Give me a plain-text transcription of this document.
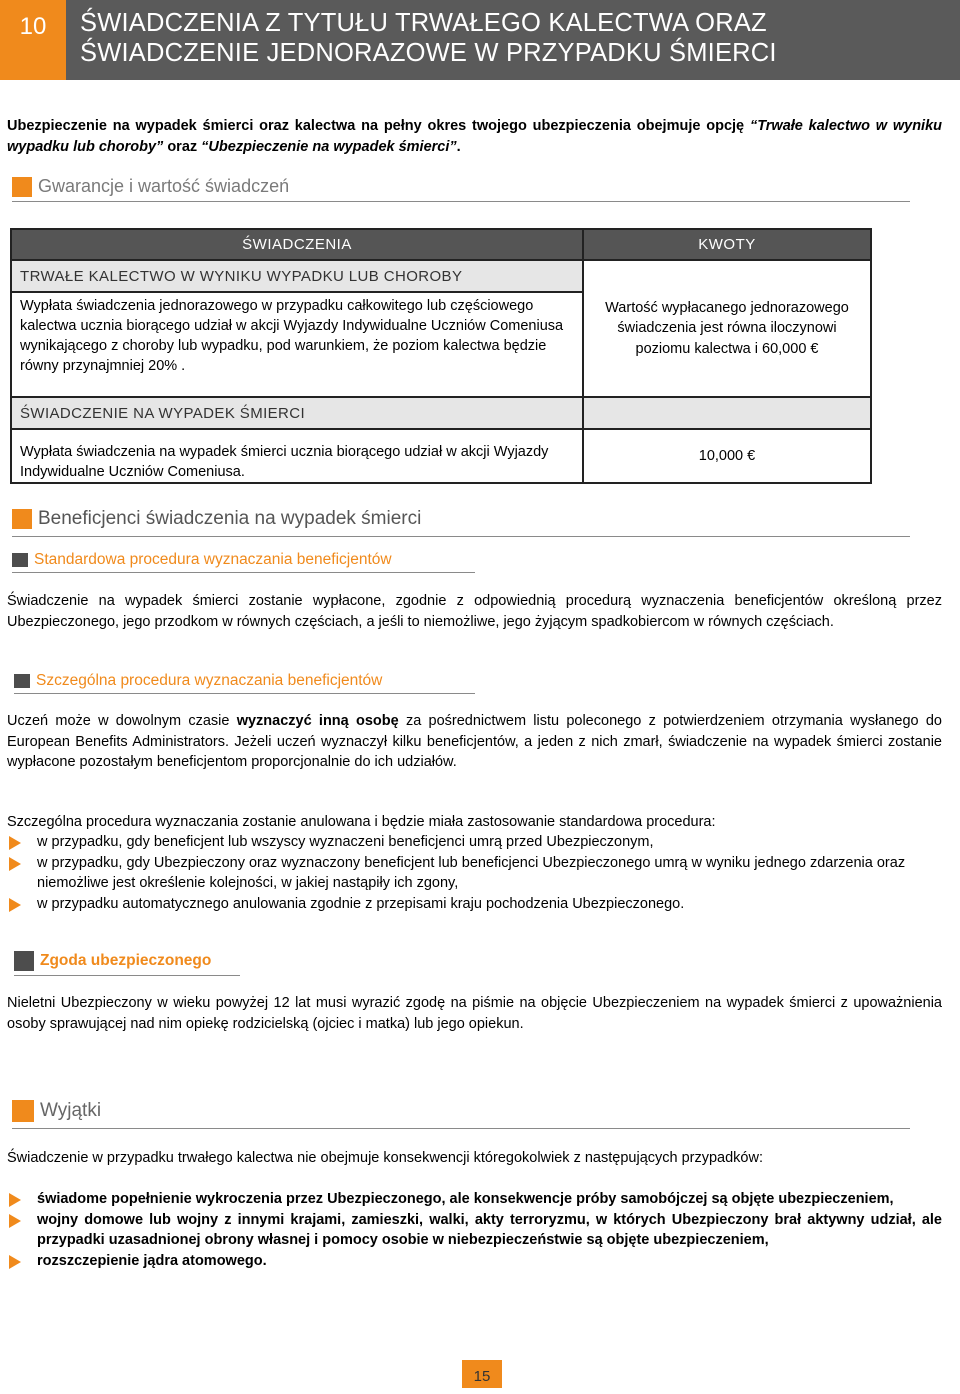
10	ŚWIADCZENIA Z TYTUŁU TRWAŁEGO KALECTWA ORAZ
ŚWIADCZENIE JEDNORAZOWE W PRZYPADKU ŚMIERCI
Ubezpieczenie na wypadek śmierci oraz kalectwa na pełny okres twojego ubezpieczenia obejmuje opcję “Trwałe kalectwo w wyniku wypadku lub choroby” oraz “Ubezpieczenie na wypadek śmierci”.
Gwarancje i wartość świadczeń
ŚWIADCZENIA	KWOTY
TRWAŁE KALECTWO W WYNIKU WYPADKU LUB CHOROBY	Wartość wypłacanego jednorazowego świadczenia jest równa iloczynowi poziomu kalectwa i 60,000 €
Wypłata świadczenia jednorazowego w przypadku całkowitego lub częściowego kalectwa ucznia biorącego udział w akcji Wyjazdy Indywidualne Uczniów Comeniusa wynikającego z choroby lub wypadku, pod warunkiem, że poziom kalectwa będzie równy przynajmniej 20% .	
ŚWIADCZENIE NA WYPADEK ŚMIERCI	
Wypłata świadczenia na wypadek śmierci ucznia biorącego udział w akcji Wyjazdy Indywidualne Uczniów Comeniusa.	10,000 €
Beneficjenci świadczenia na wypadek śmierci
Standardowa procedura wyznaczania beneficjentów
Świadczenie na wypadek śmierci zostanie wypłacone, zgodnie z odpowiednią procedurą wyznaczenia beneficjentów określoną przez Ubezpieczonego, jego przodkom w równych częściach, a jeśli to niemożliwe, jego żyjącym spadkobiercom w równych częściach.
Szczególna procedura wyznaczania beneficjentów
Uczeń może w dowolnym czasie wyznaczyć inną osobę za pośrednictwem listu poleconego z potwierdzeniem otrzymania wysłanego do European Benefits Administrators. Jeżeli uczeń wyznaczył kilku beneficjentów, a jeden z nich zmarł, świadczenie na wypadek śmierci zostanie wypłacone pozostałym beneficjentom proporcjonalnie do ich udziałów.
Szczególna procedura wyznaczania zostanie anulowana i będzie miała zastosowanie standardowa procedura:
w przypadku, gdy beneficjent lub wszyscy wyznaczeni beneficjenci umrą przed Ubezpieczonym,
w przypadku, gdy Ubezpieczony oraz wyznaczony beneficjent lub beneficjenci Ubezpieczonego umrą w wyniku jednego zdarzenia oraz niemożliwe jest określenie kolejności, w jakiej nastąpiły ich zgony,
w przypadku automatycznego anulowania zgodnie z przepisami kraju pochodzenia Ubezpieczonego.
Zgoda ubezpieczonego
Nieletni Ubezpieczony w wieku powyżej 12 lat musi wyrazić zgodę na piśmie na objęcie Ubezpieczeniem na wypadek śmierci z upoważnienia osoby sprawującej nad nim opiekę rodzicielską (ojciec i matka) lub jego opiekun.
Wyjątki
Świadczenie w przypadku trwałego kalectwa nie obejmuje konsekwencji któregokolwiek z następujących przypadków:
świadome popełnienie wykroczenia przez Ubezpieczonego, ale konsekwencje próby samobójczej są objęte ubezpieczeniem,
wojny domowe lub wojny z innymi krajami, zamieszki, walki, akty terroryzmu, w których Ubezpieczony brał aktywny udział, ale przypadki uzasadnionej obrony własnej i pomocy osobie w niebezpieczeństwie są objęte ubezpieczeniem,
rozszczepienie jądra atomowego.
15
